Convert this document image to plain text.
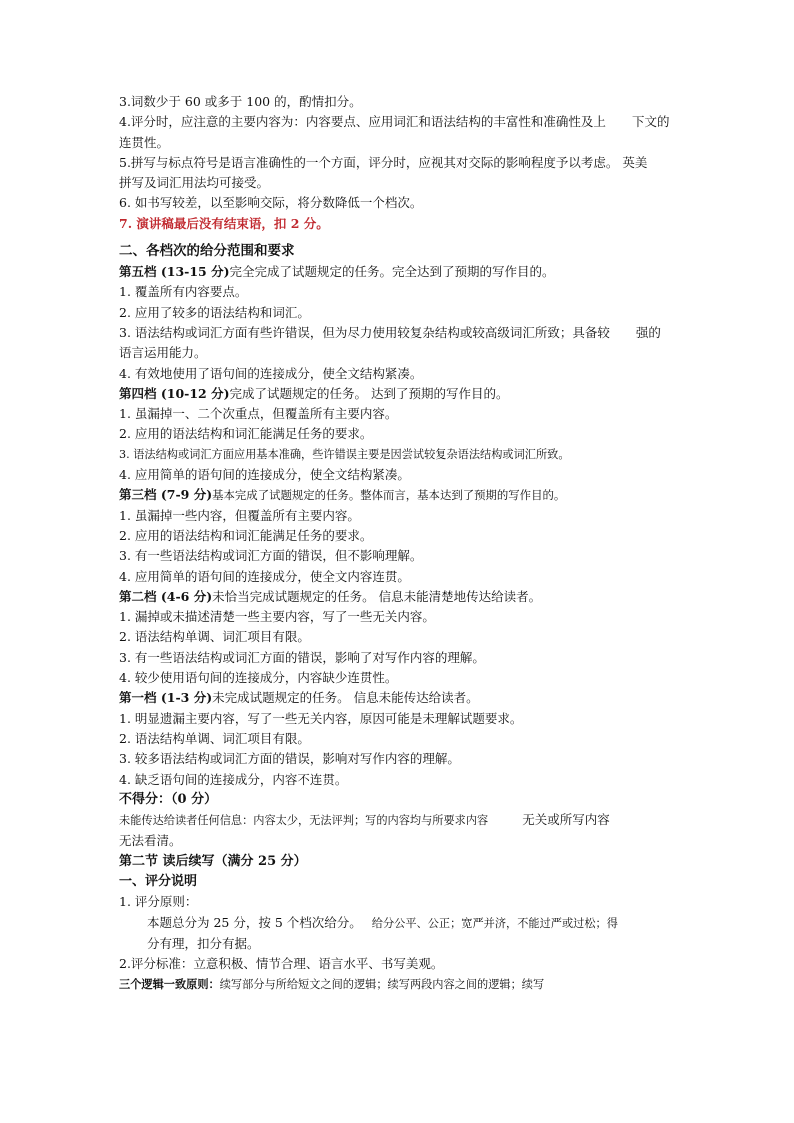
3.词数少于 60 或多于 100 的，酌情扣分。

4.评分时，应注意的主要内容为：内容要点、应用词汇和语法结构的丰富性和准确性及上 下文的

连贯性。

5.拼写与标点符号是语言准确性的一个方面，评分时，应视其对交际的影响程度予以考虑。 英美

拼写及词汇用法均可接受。

6. 如书写较差，以至影响交际，将分数降低一个档次。

7. 演讲稿最后没有结束语，扣 2 分。

二、各档次的给分范围和要求

第五档 (13-15 分)完全完成了试题规定的任务。完全达到了预期的写作目的。

1. 覆盖所有内容要点。

2. 应用了较多的语法结构和词汇。

3. 语法结构或词汇方面有些许错误，但为尽力使用较复杂结构或较高级词汇所致；具备较 强的

语言运用能力。

4. 有效地使用了语句间的连接成分，使全文结构紧凑。

第四档 (10-12 分)完成了试题规定的任务。 达到了预期的写作目的。

1. 虽漏掉一、二个次重点，但覆盖所有主要内容。

2. 应用的语法结构和词汇能满足任务的要求。

3. 语法结构或词汇方面应用基本准确，些许错误主要是因尝试较复杂语法结构或词汇所致。

4. 应用简单的语句间的连接成分，使全文结构紧凑。

第三档 (7-9 分)基本完成了试题规定的任务。整体而言，基本达到了预期的写作目的。

1. 虽漏掉一些内容，但覆盖所有主要内容。

2. 应用的语法结构和词汇能满足任务的要求。

3. 有一些语法结构或词汇方面的错误，但不影响理解。

4. 应用简单的语句间的连接成分，使全文内容连贯。

第二档 (4-6 分)未恰当完成试题规定的任务。 信息未能清楚地传达给读者。

1. 漏掉或未描述清楚一些主要内容，写了一些无关内容。

2. 语法结构单调、词汇项目有限。

3. 有一些语法结构或词汇方面的错误，影响了对写作内容的理解。

4. 较少使用语句间的连接成分，内容缺少连贯性。

第一档 (1-3 分)未完成试题规定的任务。 信息未能传达给读者。

1. 明显遗漏主要内容，写了一些无关内容，原因可能是未理解试题要求。

2. 语法结构单调、词汇项目有限。

3. 较多语法结构或词汇方面的错误，影响对写作内容的理解。

4. 缺乏语句间的连接成分，内容不连贯。

不得分：（0 分）

未能传达给读者任何信息：内容太少，无法评判；写的内容均与所要求内容	无关或所写内容

无法看清。

第二节 读后续写（满分 25 分）

一、评分说明

1. 评分原则：

本题总分为 25 分，按 5 个档次给分。 给分公平、公正；宽严并济，不能过严或过松；得

分有理，扣分有据。

2.评分标准：立意积极、情节合理、语言水平、书写美观。

三个逻辑一致原则：续写部分与所给短文之间的逻辑；续写两段内容之间的逻辑；续写
